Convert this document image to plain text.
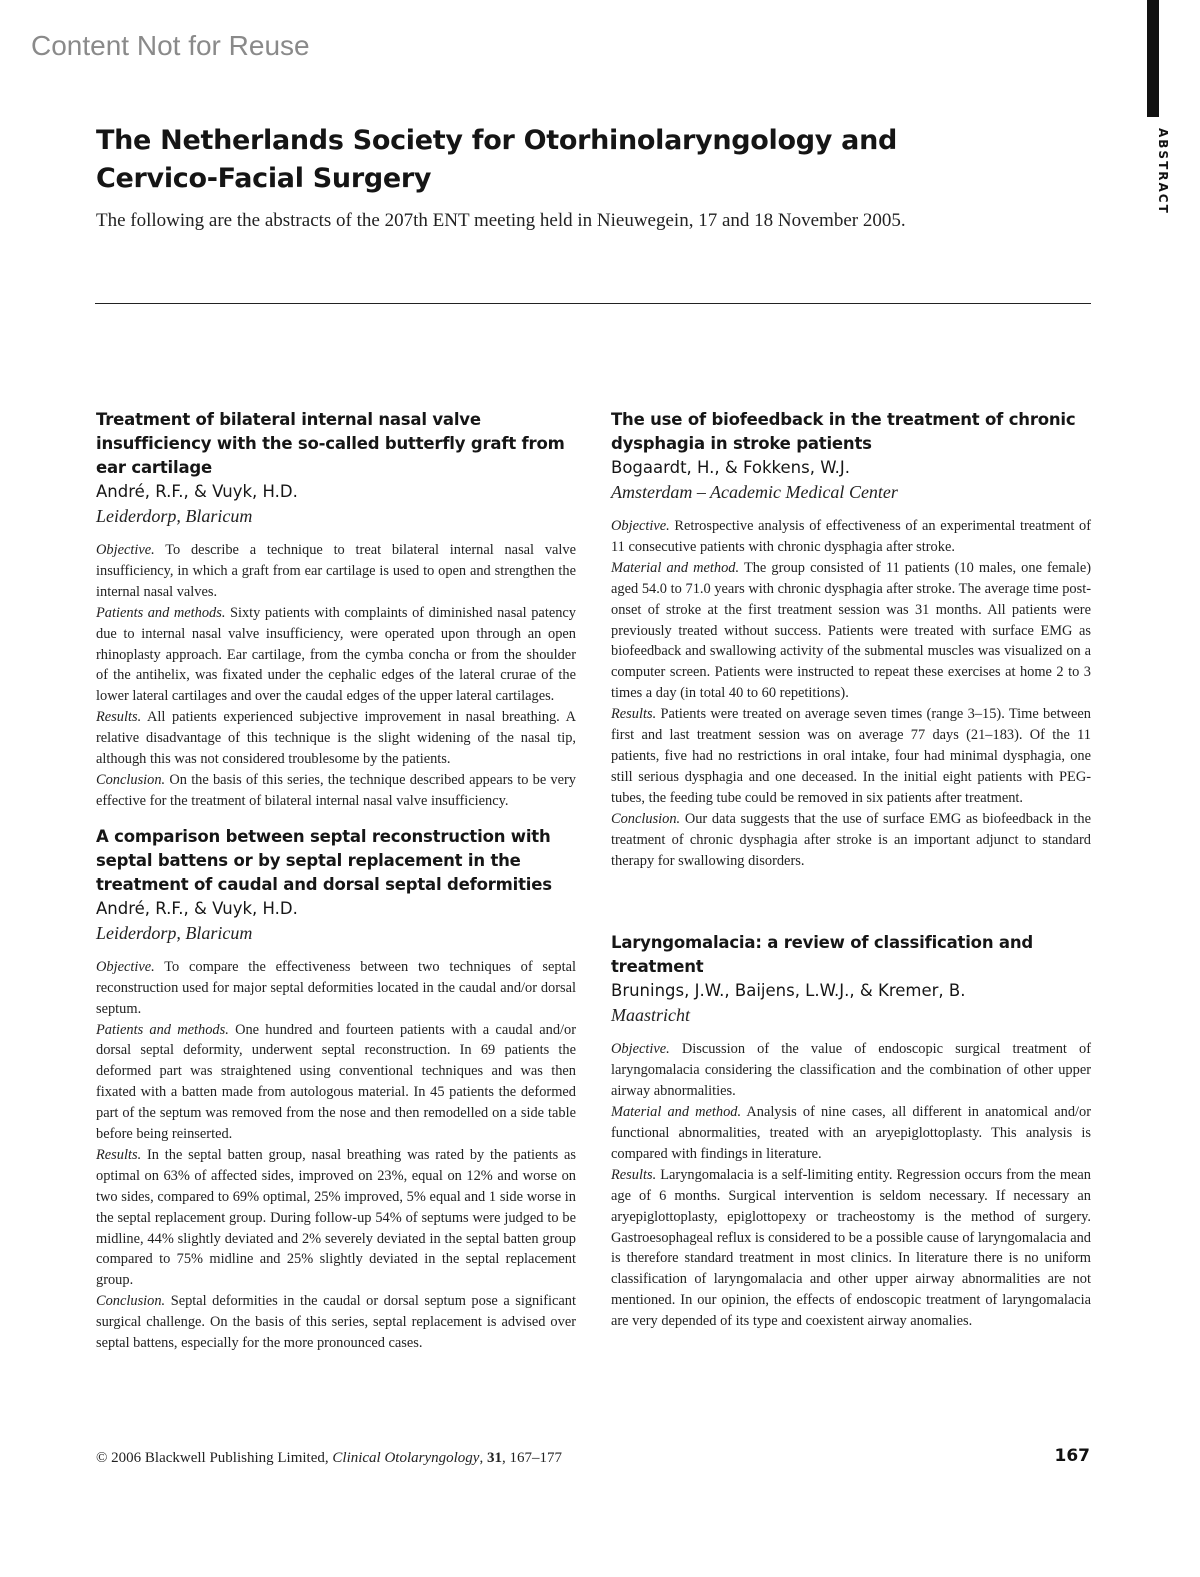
Content Not for Reuse
ABSTRACT
The Netherlands Society for Otorhinolaryngology and Cervico-Facial Surgery

The following are the abstracts of the 207th ENT meeting held in Nieuwegein, 17 and 18 November 2005.

Treatment of bilateral internal nasal valve insufficiency with the so-called butterfly graft from ear cartilage

André, R.F., & Vuyk, H.D.

Leiderdorp, Blaricum

Objective. To describe a technique to treat bilateral internal nasal valve insufficiency, in which a graft from ear cartilage is used to open and strengthen the internal nasal valves.

Patients and methods. Sixty patients with complaints of diminished nasal patency due to internal nasal valve insufficiency, were operated upon through an open rhinoplasty approach. Ear cartilage, from the cymba concha or from the shoulder of the antihelix, was fixated under the cephalic edges of the lateral crurae of the lower lateral cartilages and over the caudal edges of the upper lateral cartilages.

Results. All patients experienced subjective improvement in nasal breathing. A relative disadvantage of this technique is the slight widening of the nasal tip, although this was not considered troublesome by the patients.

Conclusion. On the basis of this series, the technique described appears to be very effective for the treatment of bilateral internal nasal valve insufficiency.

A comparison between septal reconstruction with septal battens or by septal replacement in the treatment of caudal and dorsal septal deformities

André, R.F., & Vuyk, H.D.

Leiderdorp, Blaricum

Objective. To compare the effectiveness between two techniques of septal reconstruction used for major septal deformities located in the caudal and/or dorsal septum.

Patients and methods. One hundred and fourteen patients with a caudal and/or dorsal septal deformity, underwent septal reconstruction. In 69 patients the deformed part was straightened using conventional techniques and was then fixated with a batten made from autologous material. In 45 patients the deformed part of the septum was removed from the nose and then remodelled on a side table before being reinserted.

Results. In the septal batten group, nasal breathing was rated by the patients as optimal on 63% of affected sides, improved on 23%, equal on 12% and worse on two sides, compared to 69% optimal, 25% improved, 5% equal and 1 side worse in the septal replacement group. During follow-up 54% of septums were judged to be midline, 44% slightly deviated and 2% severely deviated in the septal batten group compared to 75% midline and 25% slightly deviated in the septal replacement group.

Conclusion. Septal deformities in the caudal or dorsal septum pose a significant surgical challenge. On the basis of this series, septal replacement is advised over septal battens, especially for the more pronounced cases.

The use of biofeedback in the treatment of chronic dysphagia in stroke patients

Bogaardt, H., & Fokkens, W.J.

Amsterdam – Academic Medical Center

Objective. Retrospective analysis of effectiveness of an experimental treatment of 11 consecutive patients with chronic dysphagia after stroke.

Material and method. The group consisted of 11 patients (10 males, one female) aged 54.0 to 71.0 years with chronic dysphagia after stroke. The average time post-onset of stroke at the first treatment session was 31 months. All patients were previously treated without success. Patients were treated with surface EMG as biofeedback and swallowing activity of the submental muscles was visualized on a computer screen. Patients were instructed to repeat these exercises at home 2 to 3 times a day (in total 40 to 60 repetitions).

Results. Patients were treated on average seven times (range 3–15). Time between first and last treatment session was on average 77 days (21–183). Of the 11 patients, five had no restrictions in oral intake, four had minimal dysphagia, one still serious dysphagia and one deceased. In the initial eight patients with PEG-tubes, the feeding tube could be removed in six patients after treatment.

Conclusion. Our data suggests that the use of surface EMG as biofeedback in the treatment of chronic dysphagia after stroke is an important adjunct to standard therapy for swallowing disorders.

Laryngomalacia: a review of classification and treatment

Brunings, J.W., Baijens, L.W.J., & Kremer, B.

Maastricht

Objective. Discussion of the value of endoscopic surgical treatment of laryngomalacia considering the classification and the combination of other upper airway abnormalities.

Material and method. Analysis of nine cases, all different in anatomical and/or functional abnormalities, treated with an aryepiglottoplasty. This analysis is compared with findings in literature.

Results. Laryngomalacia is a self-limiting entity. Regression occurs from the mean age of 6 months. Surgical intervention is seldom necessary. If necessary an aryepiglottoplasty, epiglottopexy or tracheostomy is the method of surgery. Gastroesophageal reflux is considered to be a possible cause of laryngomalacia and is therefore standard treatment in most clinics. In literature there is no uniform classification of laryngomalacia and other upper airway abnormalities are not mentioned. In our opinion, the effects of endoscopic treatment of laryngomalacia are very depended of its type and coexistent airway anomalies.

© 2006 Blackwell Publishing Limited, Clinical Otolaryngology, 31, 167–177	167
